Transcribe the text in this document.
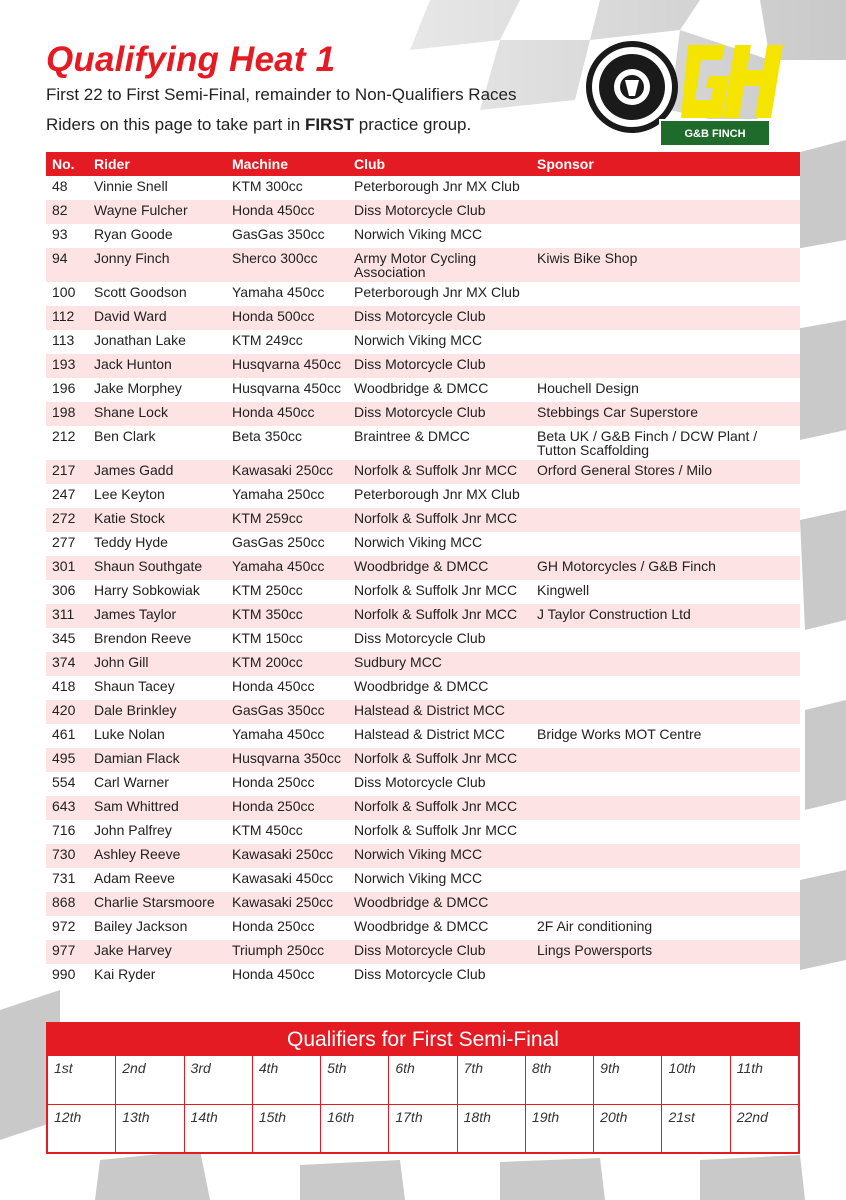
Qualifying Heat 1
First 22 to First Semi-Final, remainder to Non-Qualifiers Races
Riders on this page to take part in FIRST practice group.	G&B FINCH
No.	Rider	Machine	Club	Sponsor
48	Vinnie Snell	KTM 300cc	Peterborough Jnr MX Club	
82	Wayne Fulcher	Honda 450cc	Diss Motorcycle Club	
93	Ryan Goode	GasGas 350cc	Norwich Viking MCC	
94	Jonny Finch	Sherco 300cc	Army Motor Cycling Association	Kiwis Bike Shop
100	Scott Goodson	Yamaha 450cc	Peterborough Jnr MX Club	
112	David Ward	Honda 500cc	Diss Motorcycle Club	
113	Jonathan Lake	KTM 249cc	Norwich Viking MCC	
193	Jack Hunton	Husqvarna 450cc	Diss Motorcycle Club	
196	Jake Morphey	Husqvarna 450cc	Woodbridge & DMCC	Houchell Design
198	Shane Lock	Honda 450cc	Diss Motorcycle Club	Stebbings Car Superstore
212	Ben Clark	Beta 350cc	Braintree & DMCC	Beta UK / G&B Finch / DCW Plant / Tutton Scaffolding
217	James Gadd	Kawasaki 250cc	Norfolk & Suffolk Jnr MCC	Orford General Stores / Milo
247	Lee Keyton	Yamaha 250cc	Peterborough Jnr MX Club	
272	Katie Stock	KTM 259cc	Norfolk & Suffolk Jnr MCC	
277	Teddy Hyde	GasGas 250cc	Norwich Viking MCC	
301	Shaun Southgate	Yamaha 450cc	Woodbridge & DMCC	GH Motorcycles / G&B Finch
306	Harry Sobkowiak	KTM 250cc	Norfolk & Suffolk Jnr MCC	Kingwell
311	James Taylor	KTM 350cc	Norfolk & Suffolk Jnr MCC	J Taylor Construction Ltd
345	Brendon Reeve	KTM 150cc	Diss Motorcycle Club	
374	John Gill	KTM 200cc	Sudbury MCC	
418	Shaun Tacey	Honda 450cc	Woodbridge & DMCC	
420	Dale Brinkley	GasGas 350cc	Halstead & District MCC	
461	Luke Nolan	Yamaha 450cc	Halstead & District MCC	Bridge Works MOT Centre
495	Damian Flack	Husqvarna 350cc	Norfolk & Suffolk Jnr MCC	
554	Carl Warner	Honda 250cc	Diss Motorcycle Club	
643	Sam Whittred	Honda 250cc	Norfolk & Suffolk Jnr MCC	
716	John Palfrey	KTM 450cc	Norfolk & Suffolk Jnr MCC	
730	Ashley Reeve	Kawasaki 250cc	Norwich Viking MCC	
731	Adam Reeve	Kawasaki 450cc	Norwich Viking MCC	
868	Charlie Starsmoore	Kawasaki 250cc	Woodbridge & DMCC	
972	Bailey Jackson	Honda 250cc	Woodbridge & DMCC	2F Air conditioning
977	Jake Harvey	Triumph 250cc	Diss Motorcycle Club	Lings Powersports
990	Kai Ryder	Honda 450cc	Diss Motorcycle Club	
Qualifiers for First Semi-Final
1st	2nd	3rd	4th	5th	6th	7th	8th	9th	10th	11th
12th	13th	14th	15th	16th	17th	18th	19th	20th	21st	22nd
